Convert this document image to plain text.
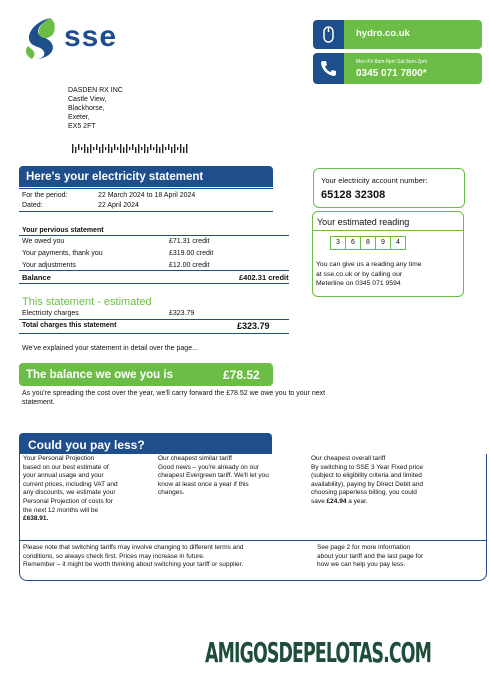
sse	hydro.co.uk
Mon-Fri 8am-8pm Sat 8am-2pm
0345 071 7800*
DASDEN RX INC
Castle View,
Blackhorse,
Exeter,
EX5 2FT
Here's your electricity statement
For the period:	22 March 2024 to 18 April 2024
Dated:	22 April 2024
Your electricity account number:
65128 32308
Your pervious statement
We owed you	£71.31 credit
Your payments, thank you	£319.00 credit
Your adjustments	£12.00 credit
Balance	£402.31 credit
Your estimated reading
3	6	8	9	4
You can give us a reading any time
at sse.co.uk or by calling our
Meterline on 0345 071 9594
This statement - estimated
Electricity charges	£323.79
Total charges this statement	£323.79
We've explained your statement in detail over the page...
The balance we owe you is	£78.52
As you're spreading the cost over the year, we'll carry forward the £78.52 we owe you to your next
statement.
Could you pay less?
Your Personal Projection
based on our best estimate of
your annual usage and your
current prices, including VAT and
any discounts, we estimate your
Personal Projection of costs for
the next 12 months will be
£638.91.
Our cheapest similar tariff
Good news – you're already on our
cheapest Evergreen tariff. We'll let you
know at least once a year if this
changes.
Our cheapest overall tariff
By switching to SSE 3 Year Fixed price
(subject to eligibility criteria and limited
availability), paying by Direct Debit and
choosing paperless billing, you could
save £24.94 a year.
Please note that switching tariffs may involve changing to different terms and
conditions, so always check first. Prices may increase in future.
Remember – it might be worth thinking about switching your tariff or supplier.
See page 2 for more information
about your tariff and the last page for
how we can help you pay less.
AMIGOSDEPELOTAS.COM
